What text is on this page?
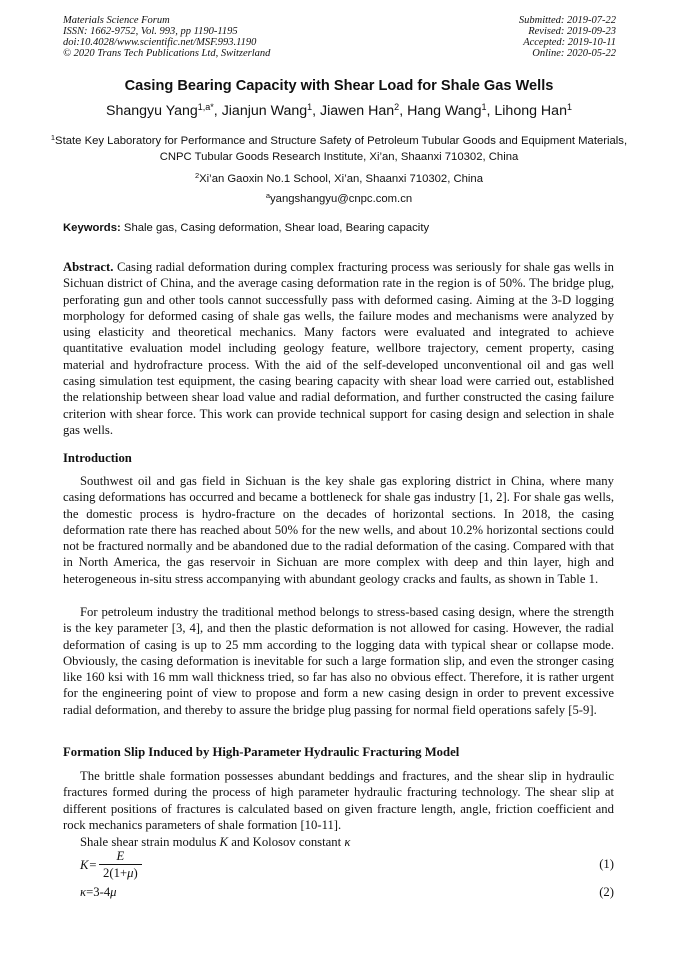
Materials Science Forum
ISSN: 1662-9752, Vol. 993, pp 1190-1195
doi:10.4028/www.scientific.net/MSF.993.1190
© 2020 Trans Tech Publications Ltd, Switzerland
Submitted: 2019-07-22
Revised: 2019-09-23
Accepted: 2019-10-11
Online: 2020-05-22
Casing Bearing Capacity with Shear Load for Shale Gas Wells
Shangyu Yang$^{1,a*}$, Jianjun Wang$^1$, Jiawen Han$^2$, Hang Wang$^1$, Lihong Han$^1$
$^1$State Key Laboratory for Performance and Structure Safety of Petroleum Tubular Goods and Equipment Materials, CNPC Tubular Goods Research Institute, Xi’an, Shaanxi 710302, China
$^2$Xi’an Gaoxin No.1 School, Xi’an, Shaanxi 710302, China
$^a$yangshangyu@cnpc.com.cn
Keywords: Shale gas, Casing deformation, Shear load, Bearing capacity
Abstract. Casing radial deformation during complex fracturing process was seriously for shale gas wells in Sichuan district of China, and the average casing deformation rate in the region is of 50%. The bridge plug, perforating gun and other tools cannot successfully pass with deformed casing. Aiming at the 3-D logging morphology for deformed casing of shale gas wells, the failure modes and mechanisms were analyzed by using elasticity and theoretical mechanics. Many factors were evaluated and integrated to achieve quantitative evaluation model including geology feature, wellbore trajectory, cement property, casing material and hydrofracture process. With the aid of the self-developed unconventional oil and gas well casing simulation test equipment, the casing bearing capacity with shear load were carried out, established the relationship between shear load value and radial deformation, and further constructed the casing failure criterion with shear force. This work can provide technical support for casing design and selection in shale gas wells.
Introduction
Southwest oil and gas field in Sichuan is the key shale gas exploring district in China, where many casing deformations has occurred and became a bottleneck for shale gas industry [1, 2]. For shale gas wells, the domestic process is hydro-fracture on the decades of horizontal sections. In 2018, the casing deformation rate there has reached about 50% for the new wells, and about 10.2% horizontal sections could not be fractured normally and be abandoned due to the radial deformation of the casing. Compared with that in North America, the gas reservoir in Sichuan are more complex with deep and thin layer, high and heterogeneous in-situ stress accompanying with abundant geology cracks and faults, as shown in Table 1.
For petroleum industry the traditional method belongs to stress-based casing design, where the strength is the key parameter [3, 4], and then the plastic deformation is not allowed for casing. However, the radial deformation of casing is up to 25 mm according to the logging data with typical shear or collapse mode. Obviously, the casing deformation is inevitable for such a large formation slip, and even the stronger casing like 160 ksi with 16 mm wall thickness tried, so far has also no obvious effect. Therefore, it is rather urgent for the engineering point of view to propose and form a new casing design in order to prevent excessive radial deformation, and thereby to assure the bridge plug passing for normal field operations safely [5-9].
Formation Slip Induced by High-Parameter Hydraulic Fracturing Model
The brittle shale formation possesses abundant beddings and fractures, and the shear slip in hydraulic fractures formed during the process of high parameter hydraulic fracturing technology. The shear slip at different positions of fractures is calculated based on given fracture length, angle, friction coefficient and rock mechanics parameters of shale formation [10-11].
Shale shear strain modulus K and Kolosov constant κ
$K= \frac{E}{2(1+\mu)}$	(1)
κ=3-4μ	(2)
